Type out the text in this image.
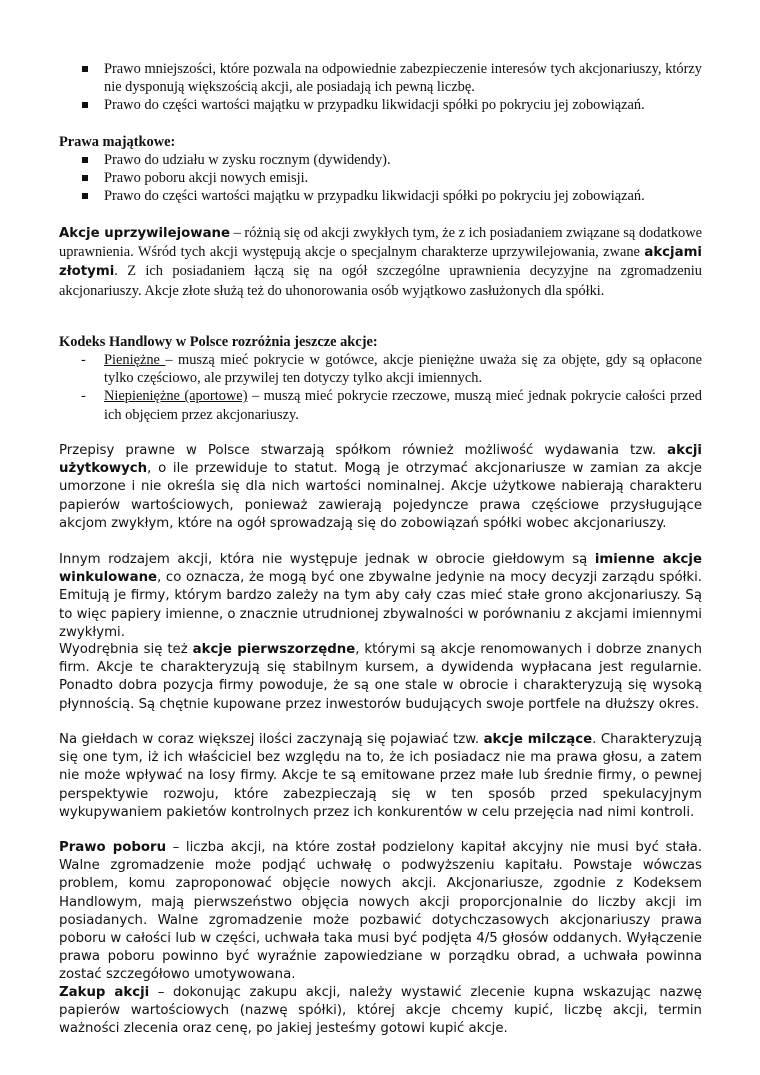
Prawo mniejszości, które pozwala na odpowiednie zabezpieczenie interesów tych akcjonariuszy, którzy nie dysponują większością akcji, ale posiadają ich pewną liczbę.
Prawo do części wartości majątku w przypadku likwidacji spółki po pokryciu jej zobowiązań.

Prawa majątkowe:

Prawo do udziału w zysku rocznym (dywidendy).
Prawo poboru akcji nowych emisji.
Prawo do części wartości majątku w przypadku likwidacji spółki po pokryciu jej zobowiązań.

Akcje uprzywilejowane – różnią się od akcji zwykłych tym, że z ich posiadaniem związane są dodatkowe uprawnienia. Wśród tych akcji występują akcje o specjalnym charakterze uprzywilejowania, zwane akcjami złotymi. Z ich posiadaniem łączą się na ogół szczególne uprawnienia decyzyjne na zgromadzeniu akcjonariuszy. Akcje złote służą też do uhonorowania osób wyjątkowo zasłużonych dla spółki.

Kodeks Handlowy w Polsce rozróżnia jeszcze akcje:

- Pieniężne – muszą mieć pokrycie w gotówce, akcje pieniężne uważa się za objęte, gdy są opłacone tylko częściowo, ale przywilej ten dotyczy tylko akcji imiennych.
- Niepieniężne (aportowe) – muszą mieć pokrycie rzeczowe, muszą mieć jednak pokrycie całości przed ich objęciem przez akcjonariuszy.

Przepisy prawne w Polsce stwarzają spółkom również możliwość wydawania tzw. akcji użytkowych, o ile przewiduje to statut. Mogą je otrzymać akcjonariusze w zamian za akcje umorzone i nie określa się dla nich wartości nominalnej. Akcje użytkowe nabierają charakteru papierów wartościowych, ponieważ zawierają pojedyncze prawa częściowe przysługujące akcjom zwykłym, które na ogół sprowadzają się do zobowiązań spółki wobec akcjonariuszy.

Innym rodzajem akcji, która nie występuje jednak w obrocie giełdowym są imienne akcje winkulowane, co oznacza, że mogą być one zbywalne jedynie na mocy decyzji zarządu spółki. Emitują je firmy, którym bardzo zależy na tym aby cały czas mieć stałe grono akcjonariuszy. Są to więc papiery imienne, o znacznie utrudnionej zbywalności w porównaniu z akcjami imiennymi zwykłymi.

Wyodrębnia się też akcje pierwszorzędne, którymi są akcje renomowanych i dobrze znanych firm. Akcje te charakteryzują się stabilnym kursem, a dywidenda wypłacana jest regularnie. Ponadto dobra pozycja firmy powoduje, że są one stale w obrocie i charakteryzują się wysoką płynnością. Są chętnie kupowane przez inwestorów budujących swoje portfele na dłuższy okres.

Na giełdach w coraz większej ilości zaczynają się pojawiać tzw. akcje milczące. Charakteryzują się one tym, iż ich właściciel bez względu na to, że ich posiadacz nie ma prawa głosu, a zatem nie może wpływać na losy firmy. Akcje te są emitowane przez małe lub średnie firmy, o pewnej perspektywie rozwoju, które zabezpieczają się w ten sposób przed spekulacyjnym wykupywaniem pakietów kontrolnych przez ich konkurentów w celu przejęcia nad nimi kontroli.

Prawo poboru – liczba akcji, na które został podzielony kapitał akcyjny nie musi być stała. Walne zgromadzenie może podjąć uchwałę o podwyższeniu kapitału. Powstaje wówczas problem, komu zaproponować objęcie nowych akcji. Akcjonariusze, zgodnie z Kodeksem Handlowym, mają pierwszeństwo objęcia nowych akcji proporcjonalnie do liczby akcji im posiadanych. Walne zgromadzenie może pozbawić dotychczasowych akcjonariuszy prawa poboru w całości lub w części, uchwała taka musi być podjęta 4/5 głosów oddanych. Wyłączenie prawa poboru powinno być wyraźnie zapowiedziane w porządku obrad, a uchwała powinna zostać szczegółowo umotywowana.

Zakup akcji – dokonując zakupu akcji, należy wystawić zlecenie kupna wskazując nazwę papierów wartościowych (nazwę spółki), której akcje chcemy kupić, liczbę akcji, termin ważności zlecenia oraz cenę, po jakiej jesteśmy gotowi kupić akcje.
